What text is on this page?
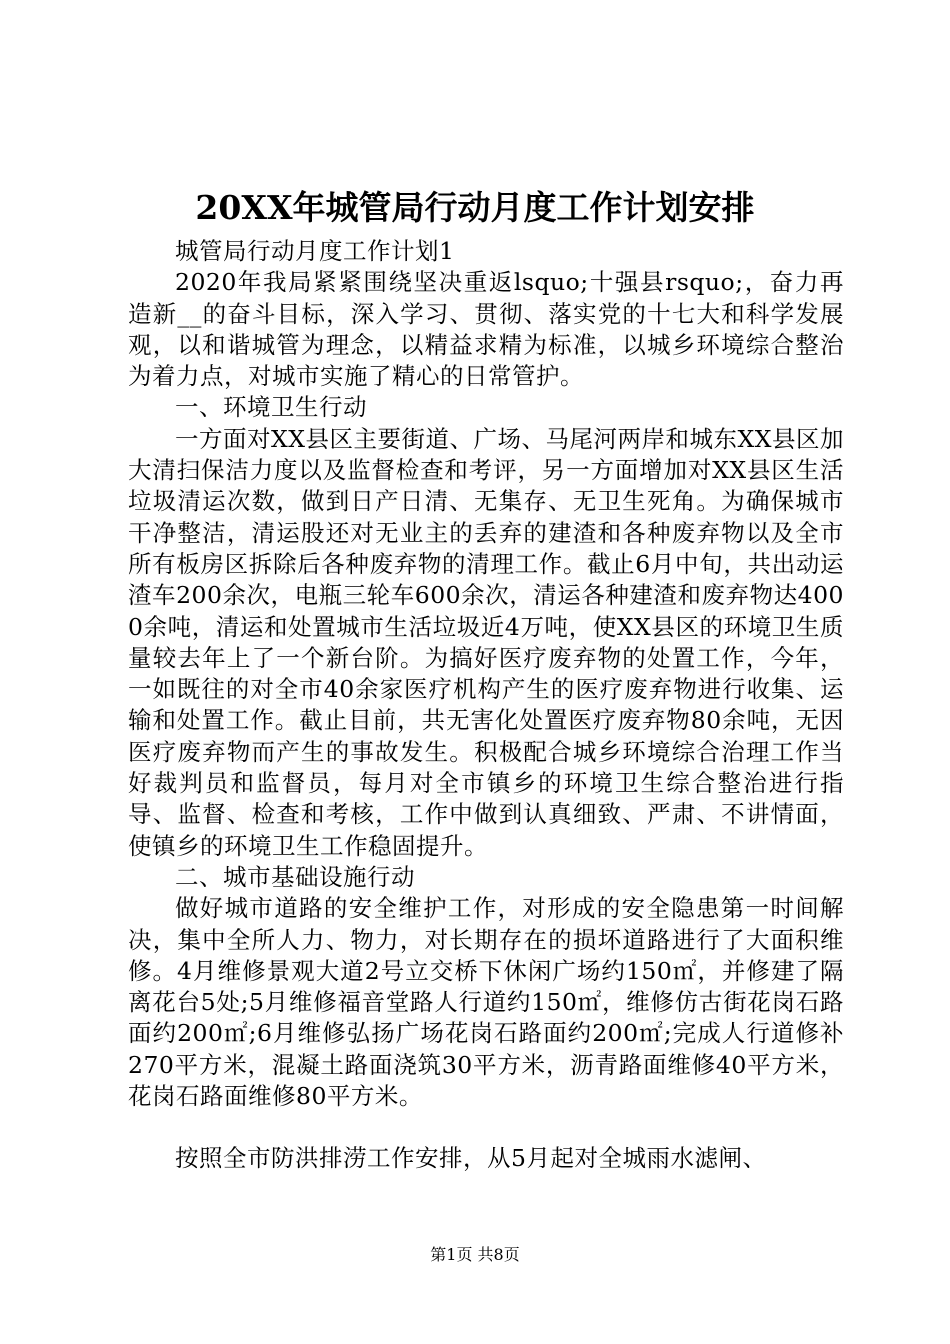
20XX年城管局行动月度工作计划安排

城管局行动月度工作计划1

2020年我局紧紧围绕坚决重返lsquo;十强县rsquo;，奋力再造新__的奋斗目标，深入学习、贯彻、落实党的十七大和科学发展观，以和谐城管为理念，以精益求精为标准，以城乡环境综合整治为着力点，对城市实施了精心的日常管护。

一、环境卫生行动

一方面对XX县区主要街道、广场、马尾河两岸和城东XX县区加大清扫保洁力度以及监督检查和考评，另一方面增加对XX县区生活垃圾清运次数，做到日产日清、无集存、无卫生死角。为确保城市干净整洁，清运股还对无业主的丢弃的建渣和各种废弃物以及全市所有板房区拆除后各种废弃物的清理工作。截止6月中旬，共出动运渣车200余次，电瓶三轮车600余次，清运各种建渣和废弃物达4000余吨，清运和处置城市生活垃圾近4万吨，使XX县区的环境卫生质量较去年上了一个新台阶。为搞好医疗废弃物的处置工作，今年，一如既往的对全市40余家医疗机构产生的医疗废弃物进行收集、运输和处置工作。截止目前，共无害化处置医疗废弃物80余吨，无因医疗废弃物而产生的事故发生。积极配合城乡环境综合治理工作当好裁判员和监督员，每月对全市镇乡的环境卫生综合整治进行指导、监督、检查和考核，工作中做到认真细致、严肃、不讲情面，使镇乡的环境卫生工作稳固提升。

二、城市基础设施行动

做好城市道路的安全维护工作，对形成的安全隐患第一时间解决，集中全所人力、物力，对长期存在的损坏道路进行了大面积维修。4月维修景观大道2号立交桥下休闲广场约150㎡，并修建了隔离花台5处;5月维修福音堂路人行道约150㎡，维修仿古街花岗石路面约200㎡;6月维修弘扬广场花岗石路面约200㎡;完成人行道修补270平方米，混凝土路面浇筑30平方米，沥青路面维修40平方米，花岗石路面维修80平方米。

按照全市防洪排涝工作安排，从5月起对全城雨水滤闸、

第1页 共8页
